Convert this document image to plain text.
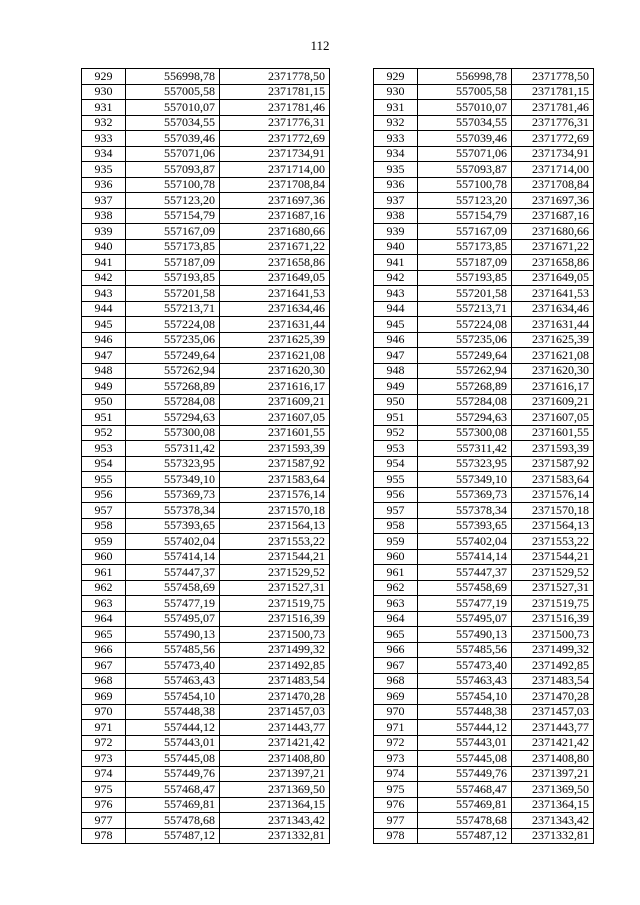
112
929	556998,78	2371778,50		929	556998,78	2371778,50
930	557005,58	2371781,15		930	557005,58	2371781,15
931	557010,07	2371781,46		931	557010,07	2371781,46
932	557034,55	2371776,31		932	557034,55	2371776,31
933	557039,46	2371772,69		933	557039,46	2371772,69
934	557071,06	2371734,91		934	557071,06	2371734,91
935	557093,87	2371714,00		935	557093,87	2371714,00
936	557100,78	2371708,84		936	557100,78	2371708,84
937	557123,20	2371697,36		937	557123,20	2371697,36
938	557154,79	2371687,16		938	557154,79	2371687,16
939	557167,09	2371680,66		939	557167,09	2371680,66
940	557173,85	2371671,22		940	557173,85	2371671,22
941	557187,09	2371658,86		941	557187,09	2371658,86
942	557193,85	2371649,05		942	557193,85	2371649,05
943	557201,58	2371641,53		943	557201,58	2371641,53
944	557213,71	2371634,46		944	557213,71	2371634,46
945	557224,08	2371631,44		945	557224,08	2371631,44
946	557235,06	2371625,39		946	557235,06	2371625,39
947	557249,64	2371621,08		947	557249,64	2371621,08
948	557262,94	2371620,30		948	557262,94	2371620,30
949	557268,89	2371616,17		949	557268,89	2371616,17
950	557284,08	2371609,21		950	557284,08	2371609,21
951	557294,63	2371607,05		951	557294,63	2371607,05
952	557300,08	2371601,55		952	557300,08	2371601,55
953	557311,42	2371593,39		953	557311,42	2371593,39
954	557323,95	2371587,92		954	557323,95	2371587,92
955	557349,10	2371583,64		955	557349,10	2371583,64
956	557369,73	2371576,14		956	557369,73	2371576,14
957	557378,34	2371570,18		957	557378,34	2371570,18
958	557393,65	2371564,13		958	557393,65	2371564,13
959	557402,04	2371553,22		959	557402,04	2371553,22
960	557414,14	2371544,21		960	557414,14	2371544,21
961	557447,37	2371529,52		961	557447,37	2371529,52
962	557458,69	2371527,31		962	557458,69	2371527,31
963	557477,19	2371519,75		963	557477,19	2371519,75
964	557495,07	2371516,39		964	557495,07	2371516,39
965	557490,13	2371500,73		965	557490,13	2371500,73
966	557485,56	2371499,32		966	557485,56	2371499,32
967	557473,40	2371492,85		967	557473,40	2371492,85
968	557463,43	2371483,54		968	557463,43	2371483,54
969	557454,10	2371470,28		969	557454,10	2371470,28
970	557448,38	2371457,03		970	557448,38	2371457,03
971	557444,12	2371443,77		971	557444,12	2371443,77
972	557443,01	2371421,42		972	557443,01	2371421,42
973	557445,08	2371408,80		973	557445,08	2371408,80
974	557449,76	2371397,21		974	557449,76	2371397,21
975	557468,47	2371369,50		975	557468,47	2371369,50
976	557469,81	2371364,15		976	557469,81	2371364,15
977	557478,68	2371343,42		977	557478,68	2371343,42
978	557487,12	2371332,81		978	557487,12	2371332,81
